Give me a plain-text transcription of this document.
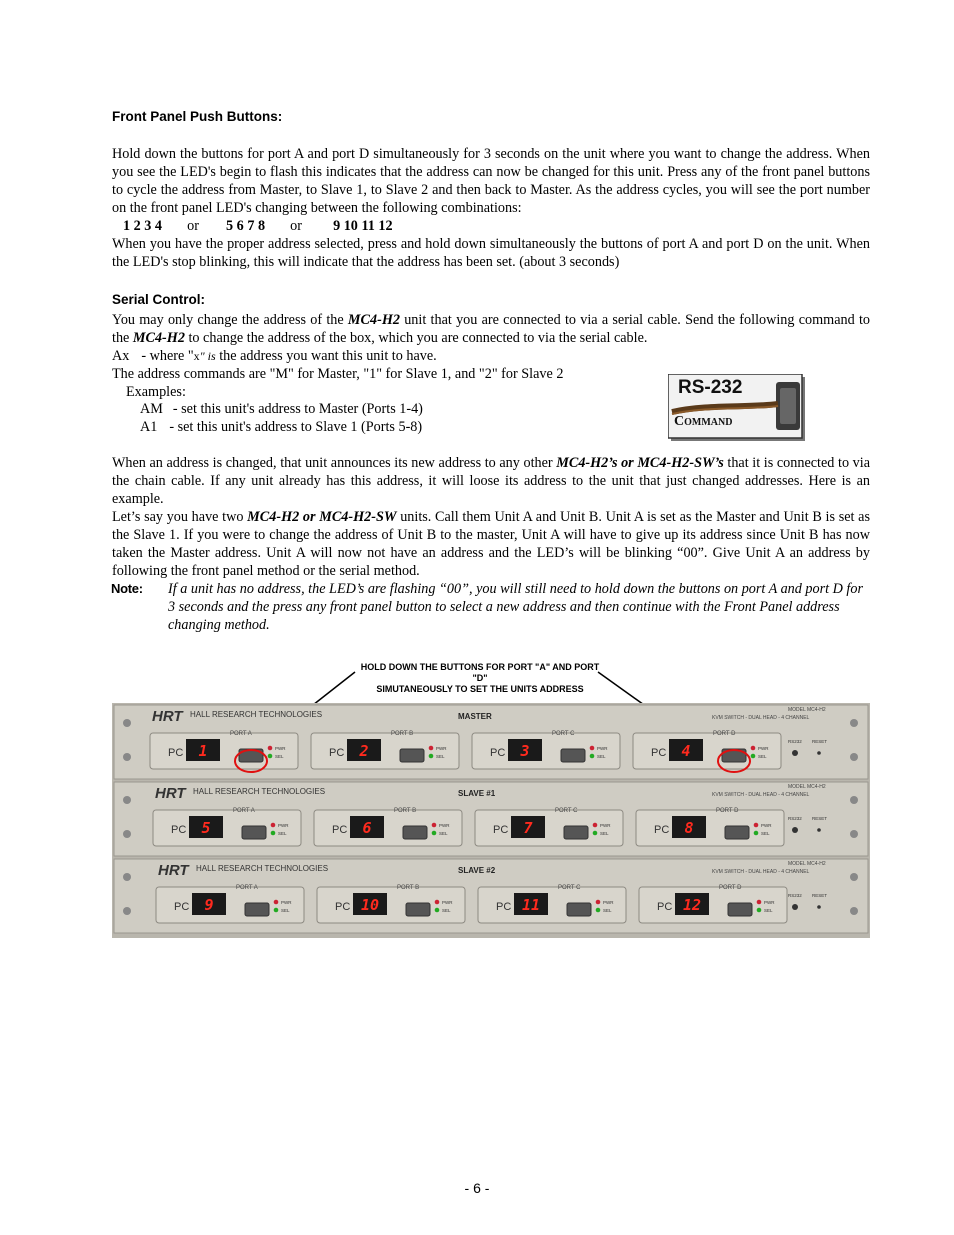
Front Panel Push Buttons:

Hold down the buttons for port A and port D simultaneously for 3 seconds on the unit where you want to change the address. When you see the LED's begin to flash this indicates that the address can now be changed for this unit. Press any of the front panel buttons to cycle the address from Master, to Slave 1, to Slave 2 and then back to Master. As the address cycles, you will see the port number on the front panel LED's changing between the following combinations:

1 2 3 4 or 5 6 7 8 or 9 10 11 12

When you have the proper address selected, press and hold down simultaneously the buttons of port A and port D on the unit. When the LED's stop blinking, this will indicate that the address has been set. (about 3 seconds)

Serial Control:

You may only change the address of the MC4-H2 unit that you are connected to via a serial cable. Send the following command to the MC4-H2 to change the address of the box, which you are connected to via the serial cable.

Ax - where "x" is the address you want this unit to have.
The address commands are "M" for Master, "1" for Slave 1, and "2" for Slave 2
Examples:
AM - set this unit's address to Master (Ports 1-4)
A1 - set this unit's address to Slave 1 (Ports 5-8)
RS-232
Command

When an address is changed, that unit announces its new address to any other MC4-H2’s or MC4-H2-SW’s that it is connected to via the chain cable. If any unit already has this address, it will loose its address to the unit that just changed addresses. Here is an example.

Let’s say you have two MC4-H2 or MC4-H2-SW units. Call them Unit A and Unit B. Unit A is set as the Master and Unit B is set as the Slave 1. If you were to change the address of Unit B to the master, Unit A will have to give up its address since Unit B has now taken the Master address. Unit A will now not have an address and the LED’s will be blinking “00”. Give Unit A an address by following the front panel method or the serial method.

Note:	If a unit has no address, the LED’s are flashing “00”, you will still need to hold down the buttons on port A and port D for 3 seconds and the press any front panel button to select a new address and then continue with the Front Panel address changing method.

HOLD DOWN THE BUTTONS FOR PORT "A" AND PORT "D"
SIMUTANEOUSLY TO SET THE UNITS ADDRESS
HRT HALL RESEARCH TECHNOLOGIES	MASTER
MODEL MC4-H2
KVM SWITCH - DUAL HEAD - 4 CHANNEL
PORT A
PC 1	PWR
SEL
PORT B
PC 2	PWR
SEL
PORT C
PC 3	PWR
SEL
PORT D
PC 4	PWR
SEL
RS232 RESET
HRT HALL RESEARCH TECHNOLOGIES	SLAVE #1
MODEL MC4-H2
KVM SWITCH - DUAL HEAD - 4 CHANNEL
PORT A
PC 5	PWR
SEL
PORT B
PC 6	PWR
SEL
PORT C
PC 7	PWR
SEL
PORT D
PC 8	PWR
SEL
RS232 RESET
HRT HALL RESEARCH TECHNOLOGIES	SLAVE #2
MODEL MC4-H2
KVM SWITCH - DUAL HEAD - 4 CHANNEL
PORT A
PC 9	PWR
SEL
PORT B
PC 10	PWR
SEL
PORT C
PC 11	PWR
SEL
PORT D
PC 12	PWR
SEL
RS232 RESET
- 6 -
